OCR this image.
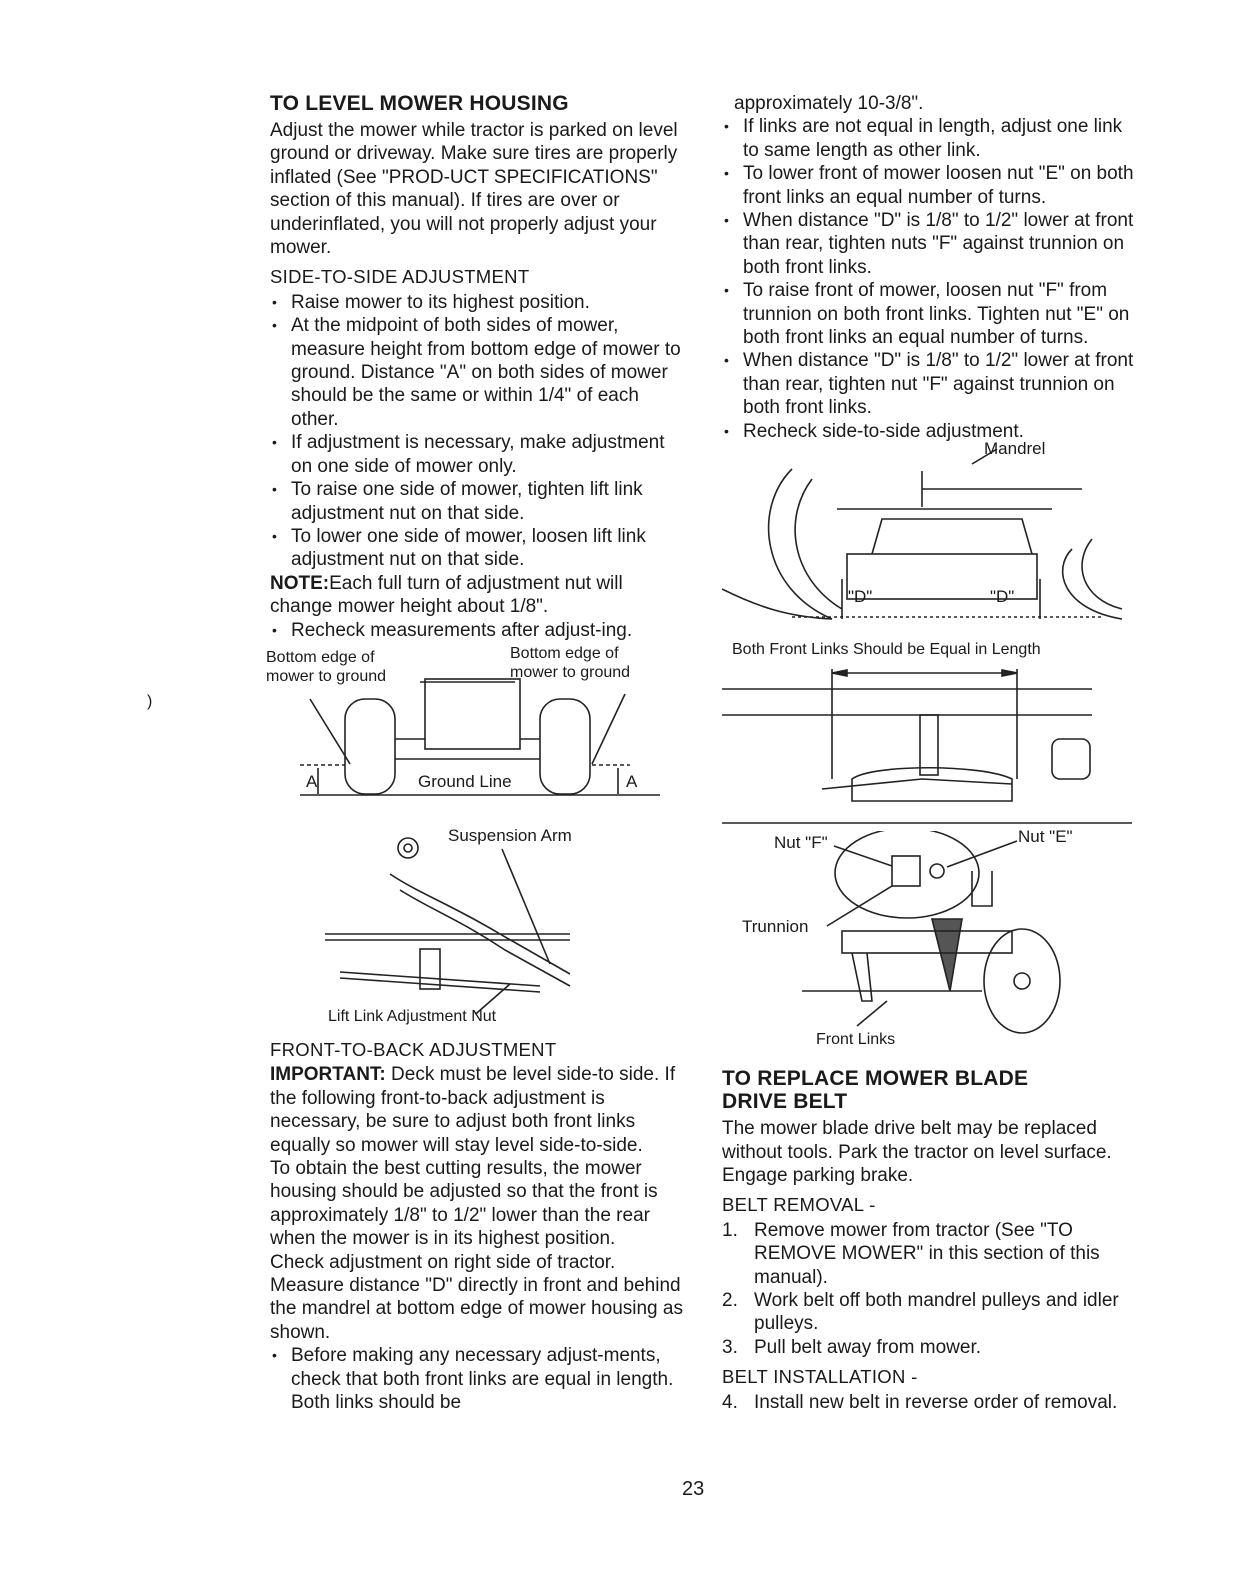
)
TO LEVEL MOWER HOUSING

Adjust the mower while tractor is parked on level ground or driveway. Make sure tires are properly inflated (See "PROD-UCT SPECIFICATIONS" section of this manual). If tires are over or underinflated, you will not properly adjust your mower.

SIDE-TO-SIDE ADJUSTMENT
• Raise mower to its highest position.
• At the midpoint of both sides of mower, measure height from bottom edge of mower to ground. Distance "A" on both sides of mower should be the same or within 1/4" of each other.
• If adjustment is necessary, make adjustment on one side of mower only.
• To raise one side of mower, tighten lift link adjustment nut on that side.
• To lower one side of mower, loosen lift link adjustment nut on that side.

NOTE:Each full turn of adjustment nut will change mower height about 1/8".

• Recheck measurements after adjust-ing.
Bottom edge of mower to ground
Bottom edge of mower to ground
Ground Line
A	A
Suspension Arm
Lift Link Adjustment Nut
FRONT-TO-BACK ADJUSTMENT

IMPORTANT: Deck must be level side-to side. If the following front-to-back adjustment is necessary, be sure to adjust both front links equally so mower will stay level side-to-side.

To obtain the best cutting results, the mower housing should be adjusted so that the front is approximately 1/8" to 1/2" lower than the rear when the mower is in its highest position.

Check adjustment on right side of tractor. Measure distance "D" directly in front and behind the mandrel at bottom edge of mower housing as shown.

• Before making any necessary adjust-ments, check that both front links are equal in length. Both links should be

approximately 10-3/8".

• If links are not equal in length, adjust one link to same length as other link.
• To lower front of mower loosen nut "E" on both front links an equal number of turns.
• When distance "D" is 1/8" to 1/2" lower at front than rear, tighten nuts "F" against trunnion on both front links.
• To raise front of mower, loosen nut "F" from trunnion on both front links. Tighten nut "E" on both front links an equal number of turns.
• When distance "D" is 1/8" to 1/2" lower at front than rear, tighten nut "F" against trunnion on both front links.
• Recheck side-to-side adjustment.
Mandrel
"D"	"D"
Both Front Links Should be Equal in Length
Nut "F"	Nut "E"
Trunnion
Front Links
TO REPLACE MOWER BLADE
DRIVE BELT

The mower blade drive belt may be replaced without tools. Park the tractor on level surface. Engage parking brake.

BELT REMOVAL -
1. Remove mower from tractor (See "TO REMOVE MOWER" in this section of this manual).
2. Work belt off both mandrel pulleys and idler pulleys.
3. Pull belt away from mower.
BELT INSTALLATION -
4. Install new belt in reverse order of removal.
23
